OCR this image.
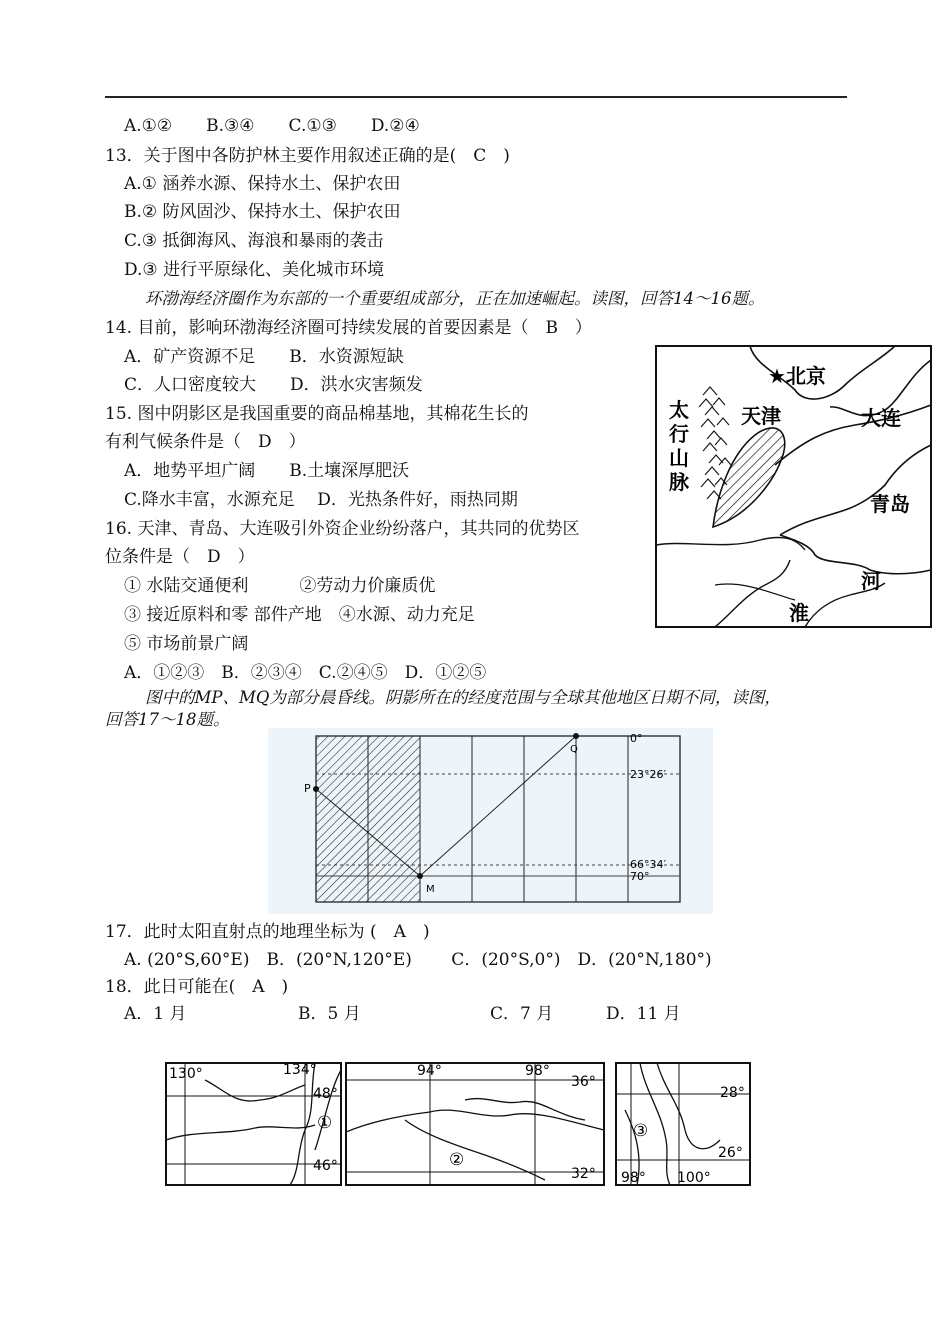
A.①②　　B.③④　　C.①③　　D.②④
13．关于图中各防护林主要作用叙述正确的是(　C　)
A.① 涵养水源、保持水土、保护农田
B.② 防风固沙、保持水土、保护农田
C.③ 抵御海风、海浪和暴雨的袭击
D.③ 进行平原绿化、美化城市环境
环渤海经济圈作为东部的一个重要组成部分，正在加速崛起。读图，回答14～16题。
14. 目前，影响环渤海经济圈可持续发展的首要因素是（　B　）
A．矿产资源不足　　B．水资源短缺
C．人口密度较大　　D．洪水灾害频发
15. 图中阴影区是我国重要的商品棉基地，其棉花生长的
有利气候条件是（　D　）
A．地势平坦广阔　　B.土壤深厚肥沃
C.降水丰富，水源充足　 D．光热条件好，雨热同期
16. 天津、青岛、大连吸引外资企业纷纷落户，其共同的优势区
位条件是（　D　）
① 水陆交通便利　　　②劳动力价廉质优
③ 接近原料和零 部件产地　④水源、动力充足
⑤ 市场前景广阔
A．①②③　B．②③④　C.②④⑤　D．①②⑤
★北京
天津	大连
青岛
太
行
山
脉
河
淮
图中的MP、MQ为部分晨昏线。阴影所在的经度范围与全球其他地区日期不同，读图，
回答17～18题。
P
M
Q
0°
23°26′
66°34′
70°
17．此时太阳直射点的地理坐标为 (　A　)
A. (20°S,60°E)　B．(20°N,120°E)　　 C．(20°S,0°)　D．(20°N,180°)
18．此日可能在(　A　)
A．1 月	B．5 月	C．7 月	D．11 月
130°	134°
48°
46°
①
94°	98°
36°
32°
②
28°
26°
98° 100°
③
